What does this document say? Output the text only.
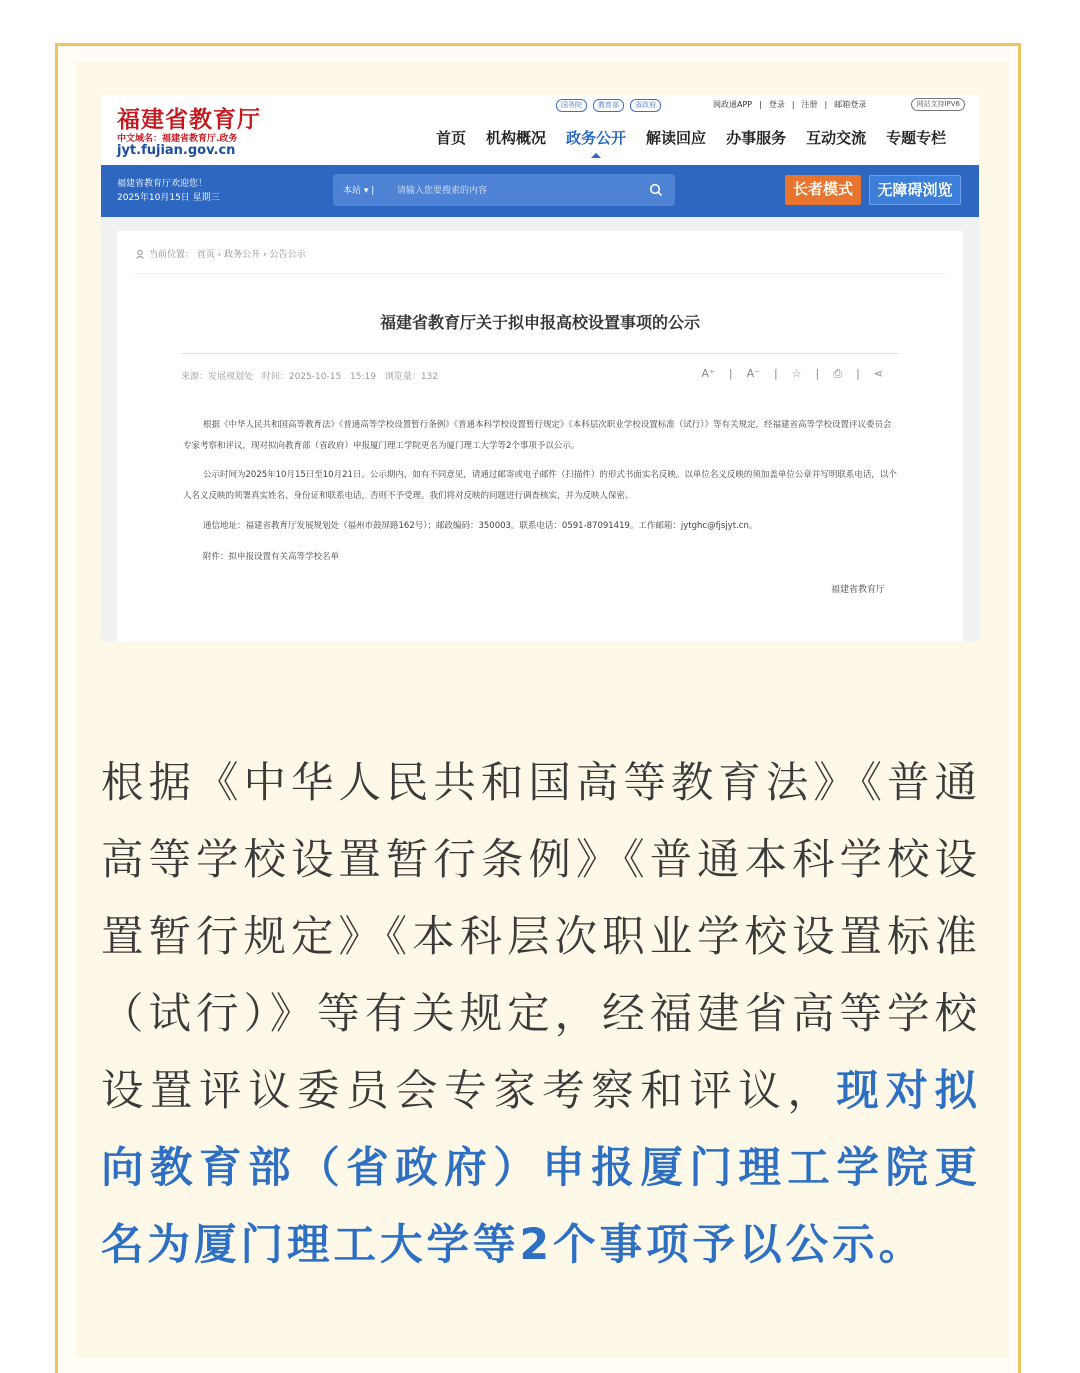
福建省教育厅
中文域名：福建省教育厅.政务
jyt.fujian.gov.cn
国务院	教育部	省政府	闽政通APP | 登录 | 注册 | 邮箱登录	网站支持IPV6
首页 机构概况 政务公开 解读回应 办事服务 互动交流 专题专栏
福建省教育厅欢迎您！
2025年10月15日 星期三
本站 ▾ |	请输入您要搜索的内容	长者模式	无障碍浏览
当前位置： 首页 › 政务公开 › 公告公示
福建省教育厅关于拟申报高校设置事项的公示
来源：发展规划处 时间：2025-10-15 15:19 浏览量：132	A⁺ | A⁻ | ☆ | ⎙ | ⋖
根据《中华人民共和国高等教育法》《普通高等学校设置暂行条例》《普通本科学校设置暂行规定》《本科层次职业学校设置标准（试行）》等有关规定，经福建省高等学校设置评议委员会专家考察和评议，现对拟向教育部（省政府）申报厦门理工学院更名为厦门理工大学等2个事项予以公示。
公示时间为2025年10月15日至10月21日。公示期内，如有不同意见，请通过邮寄或电子邮件（扫描件）的形式书面实名反映。以单位名义反映的须加盖单位公章并写明联系电话，以个人名义反映的须署真实姓名、身份证和联系电话，否则不予受理。我们将对反映的问题进行调查核实，并为反映人保密。
通信地址：福建省教育厅发展规划处（福州市鼓屏路162号）；邮政编码：350003。联系电话：0591-87091419。工作邮箱：jytghc@fjsjyt.cn。
附件：拟申报设置有关高等学校名单
福建省教育厅
根据《中华人民共和国高等教育法》《普通高等学校设置暂行条例》《普通本科学校设置暂行规定》《本科层次职业学校设置标准（试行）》等有关规定，经福建省高等学校设置评议委员会专家考察和评议，现对拟向教育部（省政府）申报厦门理工学院更名为厦门理工大学等2个事项予以公示。
